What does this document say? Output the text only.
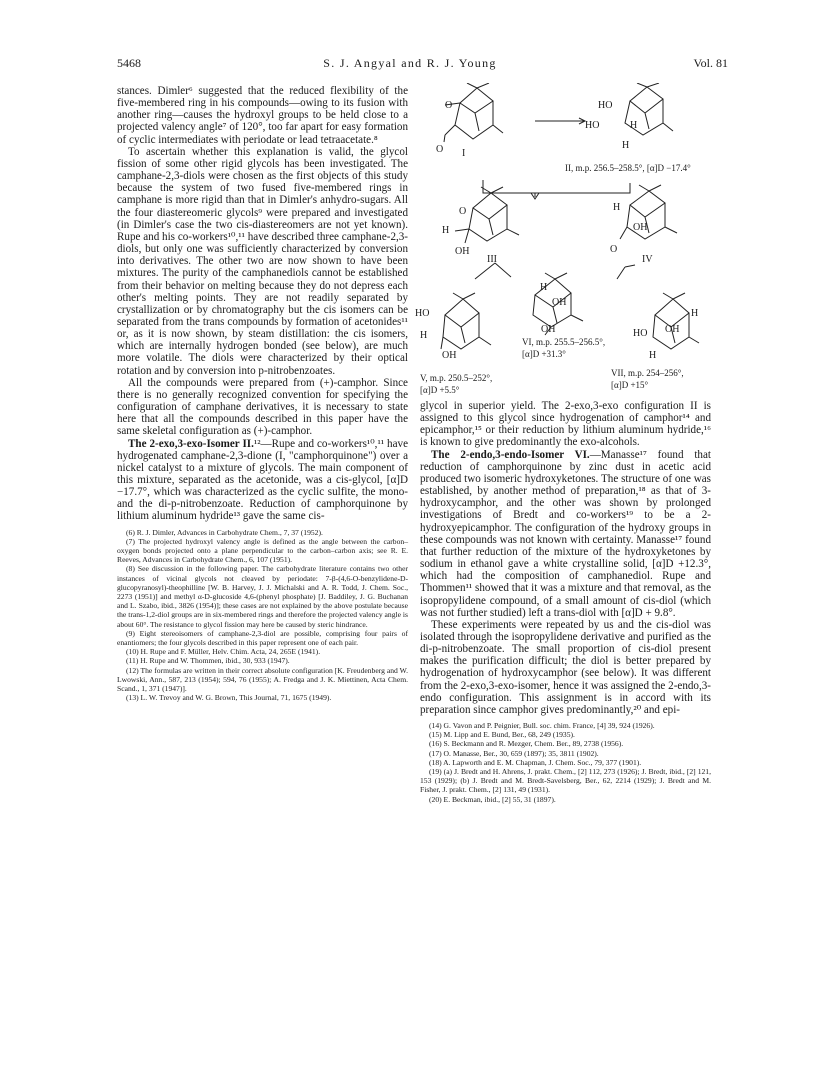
5468	S. J. Angyal and R. J. Young	Vol. 81

stances. Dimler⁶ suggested that the reduced flexibility of the five-membered ring in his compounds—owing to its fusion with another ring—causes the hydroxyl groups to be held close to a projected valency angle⁷ of 120°, too far apart for easy formation of cyclic intermediates with periodate or lead tetraacetate.⁸

To ascertain whether this explanation is valid, the glycol fission of some other rigid glycols has been investigated. The camphane-2,3-diols were chosen as the first objects of this study because the system of two fused five-membered rings in camphane is more rigid than that in Dimler's anhydro-sugars. All the four diastereomeric glycols⁹ were prepared and investigated (in Dimler's case the two cis-diastereomers are not yet known). Rupe and his co-workers¹⁰,¹¹ have described three camphane-2,3-diols, but only one was sufficiently characterized by conversion into derivatives. The other two are now shown to have been mixtures. The purity of the camphanediols cannot be established from their behavior on melting because they do not depress each other's melting points. They are not readily separated by crystallization or by chromatography but the cis isomers can be separated from the trans compounds by formation of acetonides¹¹ or, as it is now shown, by steam distillation: the cis isomers, which are internally hydrogen bonded (see below), are much more volatile. The diols were characterized by their optical rotation and by conversion into p-nitrobenzoates.

All the compounds were prepared from (+)-camphor. Since there is no generally recognized convention for specifying the configuration of camphane derivatives, it is necessary to state here that all the compounds described in this paper have the same skeletal configuration as (+)-camphor.

The 2-exo,3-exo-Isomer II.¹²—Rupe and co-workers¹⁰,¹¹ have hydrogenated camphane-2,3-dione (I, "camphorquinone") over a nickel catalyst to a mixture of glycols. The main component of this mixture, separated as the acetonide, was a cis-glycol, [α]D −17.7°, which was characterized as the cyclic sulfite, the mono- and the di-p-nitrobenzoate. Reduction of camphorquinone by lithium aluminum hydride¹³ gave the same cis-

(6) R. J. Dimler, Advances in Carbohydrate Chem., 7, 37 (1952).
(7) The projected hydroxyl valency angle is defined as the angle between the carbon–oxygen bonds projected onto a plane perpendicular to the carbon–carbon axis; see R. E. Reeves, Advances in Carbohydrate Chem., 6, 107 (1951).
(8) See discussion in the following paper. The carbohydrate literature contains two other instances of vicinal glycols not cleaved by periodate: 7-β-(4,6-O-benzylidene-D-glucopyranosyl)-theophilline [W. B. Harvey, J. J. Michalski and A. R. Todd, J. Chem. Soc., 2273 (1951)] and methyl α-D-glucoside 4,6-(phenyl phosphate) [J. Baddiley, J. G. Buchanan and L. Szabo, ibid., 3826 (1954)]; these cases are not explained by the above postulate because the trans-1,2-diol groups are in six-membered rings and therefore the projected valency angle is about 60°. The resistance to glycol fission may here be caused by steric hindrance.
(9) Eight stereoisomers of camphane-2,3-diol are possible, comprising four pairs of enantiomers; the four glycols described in this paper represent one of each pair.
(10) H. Rupe and F. Müller, Helv. Chim. Acta, 24, 265E (1941).
(11) H. Rupe and W. Thommen, ibid., 30, 933 (1947).
(12) The formulas are written in their correct absolute configuration [K. Freudenberg and W. Lwowski, Ann., 587, 213 (1954); 594, 76 (1955); A. Fredga and J. K. Miettinen, Acta Chem. Scand., 1, 371 (1947)].
(13) L. W. Trevoy and W. G. Brown, This Journal, 71, 1675 (1949).
O
O I
HO
HO	H
H
II, m.p. 256.5–258.5°, [α]D −17.4°
O
H
OH
III
H
OH
O
IV
HO
H
OH
V, m.p. 250.5–252°,
[α]D +5.5°
H
OH
OH
VI, m.p. 255.5–256.5°,
[α]D +31.3°
H
HO OH
H
VII, m.p. 254–256°,
[α]D +15°

glycol in superior yield. The 2-exo,3-exo configuration II is assigned to this glycol since hydrogenation of camphor¹⁴ and epicamphor,¹⁵ or their reduction by lithium aluminum hydride,¹⁶ is known to give predominantly the exo-alcohols.

The 2-endo,3-endo-Isomer VI.—Manasse¹⁷ found that reduction of camphorquinone by zinc dust in acetic acid produced two isomeric hydroxyketones. The structure of one was established, by another method of preparation,¹⁸ as that of 3-hydroxycamphor, and the other was shown by prolonged investigations of Bredt and co-workers¹⁹ to be a 2-hydroxyepicamphor. The configuration of the hydroxy groups in these compounds was not known with certainty. Manasse¹⁷ found that further reduction of the mixture of the hydroxyketones by sodium in ethanol gave a white crystalline solid, [α]D +12.3°, which had the composition of camphanediol. Rupe and Thommen¹¹ showed that it was a mixture and that removal, as the isopropylidene compound, of a small amount of cis-diol (which was not further studied) left a trans-diol with [α]D + 9.8°.

These experiments were repeated by us and the cis-diol was isolated through the isopropylidene derivative and purified as the di-p-nitrobenzoate. The small proportion of cis-diol present makes the purification difficult; the diol is better prepared by hydrogenation of hydroxycamphor (see below). It was different from the 2-exo,3-exo-isomer, hence it was assigned the 2-endo,3-endo configuration. This assignment is in accord with its preparation since camphor gives predominantly,²⁰ and epi-

(14) G. Vavon and P. Peignier, Bull. soc. chim. France, [4] 39, 924 (1926).
(15) M. Lipp and E. Bund, Ber., 68, 249 (1935).
(16) S. Beckmann and R. Mezger, Chem. Ber., 89, 2738 (1956).
(17) O. Manasse, Ber., 30, 659 (1897); 35, 3811 (1902).
(18) A. Lapworth and E. M. Chapman, J. Chem. Soc., 79, 377 (1901).
(19) (a) J. Bredt and H. Ahrens, J. prakt. Chem., [2] 112, 273 (1926); J. Bredt, ibid., [2] 121, 153 (1929); (b) J. Bredt and M. Bredt-Savelsberg, Ber., 62, 2214 (1929); J. Bredt and M. Fisher, J. prakt. Chem., [2] 131, 49 (1931).
(20) E. Beckman, ibid., [2] 55, 31 (1897).
